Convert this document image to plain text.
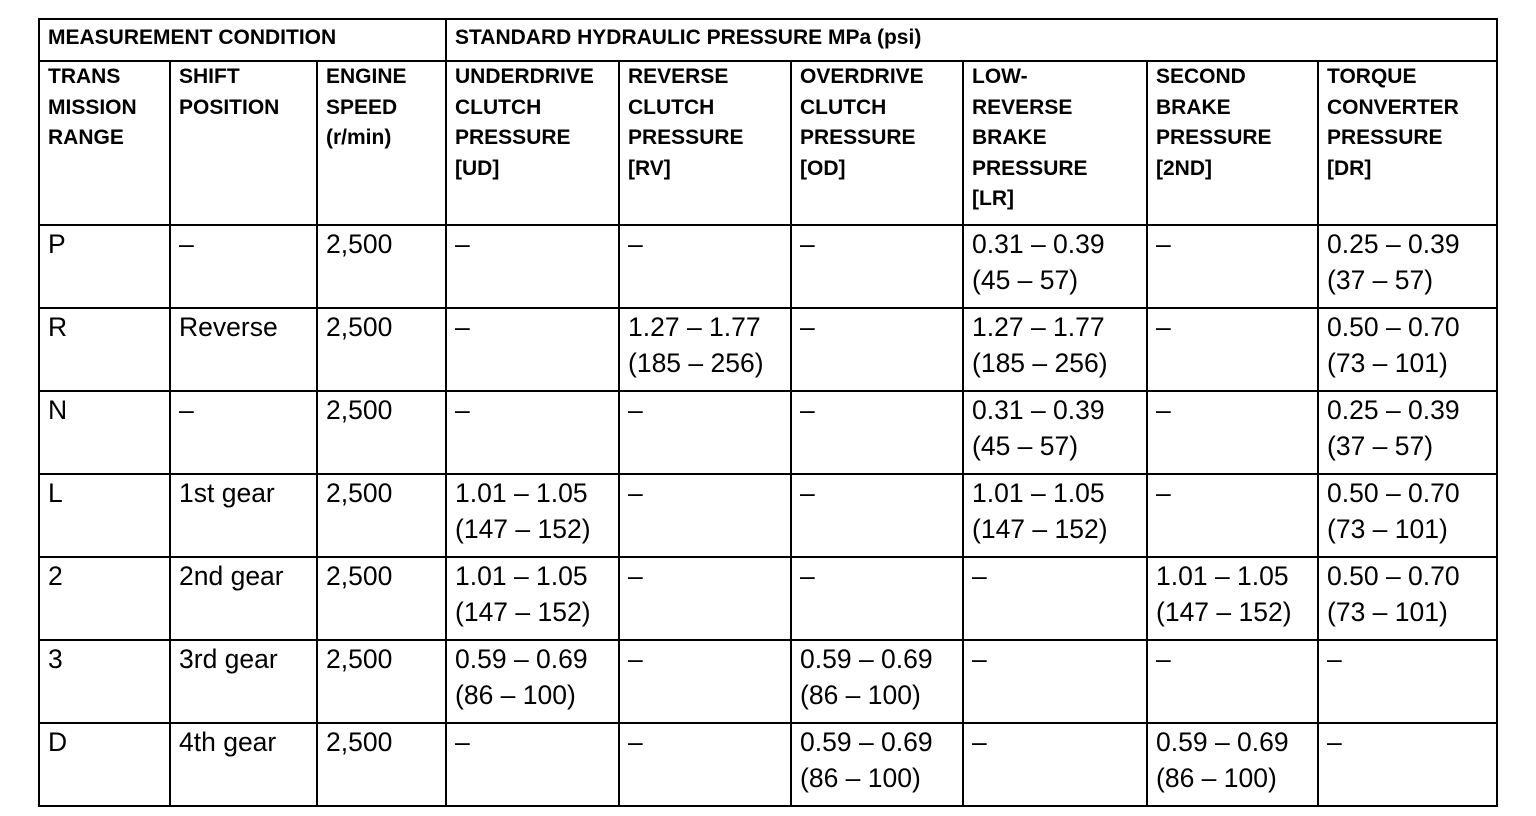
MEASUREMENT CONDITION			STANDARD HYDRAULIC PRESSURE MPa (psi)					

TRANS
MISSION
RANGE	SHIFT
POSITION	ENGINE
SPEED
(r/min)	UNDERDRIVE
CLUTCH
PRESSURE
[UD]	REVERSE
CLUTCH
PRESSURE
[RV]	OVERDRIVE
CLUTCH
PRESSURE
[OD]	LOW-
REVERSE
BRAKE
PRESSURE
[LR]	SECOND
BRAKE
PRESSURE
[2ND]	TORQUE
CONVERTER
PRESSURE
[DR]

P	–	2,500	–	–	–	0.31 – 0.39
(45 – 57)	–	0.25 – 0.39
(37 – 57)

R	Reverse	2,500	–	1.27 – 1.77
(185 – 256)	–	1.27 – 1.77
(185 – 256)	–	0.50 – 0.70
(73 – 101)

N	–	2,500	–	–	–	0.31 – 0.39
(45 – 57)	–	0.25 – 0.39
(37 – 57)

L	1st gear	2,500	1.01 – 1.05
(147 – 152)	–	–	1.01 – 1.05
(147 – 152)	–	0.50 – 0.70
(73 – 101)

2	2nd gear	2,500	1.01 – 1.05
(147 – 152)	–	–	–	1.01 – 1.05
(147 – 152)	0.50 – 0.70
(73 – 101)

3	3rd gear	2,500	0.59 – 0.69
(86 – 100)	–	0.59 – 0.69
(86 – 100)	–	–	–

D	4th gear	2,500	–	–	0.59 – 0.69
(86 – 100)	–	0.59 – 0.69
(86 – 100)	–
